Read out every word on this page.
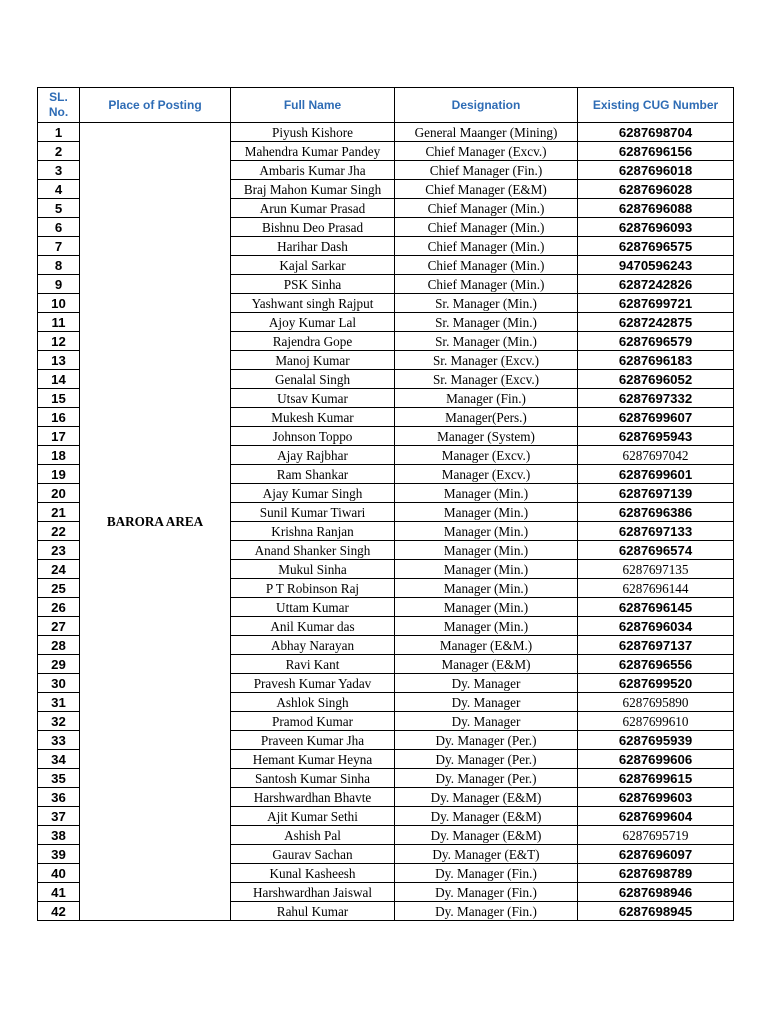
SL. No.	Place of Posting	Full Name	Designation	Existing CUG Number
1	BARORA AREA	Piyush Kishore	General Maanger (Mining)	6287698704
2		Mahendra Kumar Pandey	Chief Manager (Excv.)	6287696156
3		Ambaris Kumar Jha	Chief Manager (Fin.)	6287696018
4		Braj Mahon Kumar Singh	Chief Manager (E&M)	6287696028
5		Arun Kumar Prasad	Chief Manager (Min.)	6287696088
6		Bishnu Deo Prasad	Chief Manager (Min.)	6287696093
7		Harihar Dash	Chief Manager (Min.)	6287696575
8		Kajal Sarkar	Chief Manager (Min.)	9470596243
9		PSK Sinha	Chief Manager (Min.)	6287242826
10		Yashwant singh Rajput	Sr. Manager (Min.)	6287699721
11		Ajoy Kumar Lal	Sr. Manager (Min.)	6287242875
12		Rajendra Gope	Sr. Manager (Min.)	6287696579
13		Manoj Kumar	Sr. Manager (Excv.)	6287696183
14		Genalal Singh	Sr. Manager (Excv.)	6287696052
15		Utsav Kumar	Manager (Fin.)	6287697332
16		Mukesh Kumar	Manager(Pers.)	6287699607
17		Johnson Toppo	Manager (System)	6287695943
18		Ajay Rajbhar	Manager (Excv.)	6287697042
19		Ram Shankar	Manager (Excv.)	6287699601
20		Ajay Kumar Singh	Manager (Min.)	6287697139
21		Sunil Kumar Tiwari	Manager (Min.)	6287696386
22		Krishna Ranjan	Manager (Min.)	6287697133
23		Anand Shanker Singh	Manager (Min.)	6287696574
24		Mukul Sinha	Manager (Min.)	6287697135
25		P T Robinson Raj	Manager (Min.)	6287696144
26		Uttam Kumar	Manager (Min.)	6287696145
27		Anil Kumar das	Manager (Min.)	6287696034
28		Abhay Narayan	Manager (E&M.)	6287697137
29		Ravi Kant	Manager (E&M)	6287696556
30		Pravesh Kumar Yadav	Dy. Manager	6287699520
31		Ashlok Singh	Dy. Manager	6287695890
32		Pramod Kumar	Dy. Manager	6287699610
33		Praveen Kumar Jha	Dy. Manager (Per.)	6287695939
34		Hemant Kumar Heyna	Dy. Manager (Per.)	6287699606
35		Santosh Kumar Sinha	Dy. Manager (Per.)	6287699615
36		Harshwardhan Bhavte	Dy. Manager (E&M)	6287699603
37		Ajit Kumar Sethi	Dy. Manager (E&M)	6287699604
38		Ashish Pal	Dy. Manager (E&M)	6287695719
39		Gaurav Sachan	Dy. Manager (E&T)	6287696097
40		Kunal Kasheesh	Dy. Manager (Fin.)	6287698789
41		Harshwardhan Jaiswal	Dy. Manager (Fin.)	6287698946
42		Rahul Kumar	Dy. Manager (Fin.)	6287698945
